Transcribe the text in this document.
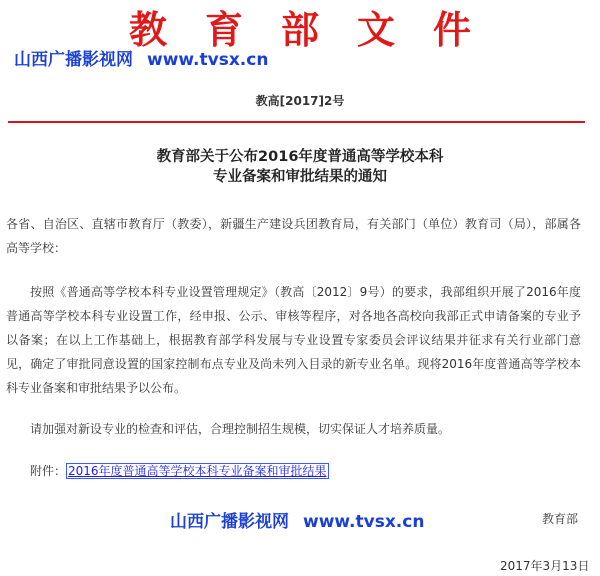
教育部文件
山西广播影视网 www.tvsx.cn
教高[2017]2号
教育部关于公布2016年度普通高等学校本科
专业备案和审批结果的通知
各省、自治区、直辖市教育厅（教委），新疆生产建设兵团教育局，有关部门（单位）教育司（局），部属各高等学校：
按照《普通高等学校本科专业设置管理规定》（教高〔2012〕9号）的要求，我部组织开展了2016年度普通高等学校本科专业设置工作，经申报、公示、审核等程序，对各地各高校向我部正式申请备案的专业予以备案；在以上工作基础上，根据教育部学科发展与专业设置专家委员会评议结果并征求有关行业部门意见，确定了审批同意设置的国家控制布点专业及尚未列入目录的新专业名单。现将2016年度普通高等学校本科专业备案和审批结果予以公布。
请加强对新设专业的检查和评估，合理控制招生规模，切实保证人才培养质量。
附件： 2016年度普通高等学校本科专业备案和审批结果
山西广播影视网 www.tvsx.cn	教育部
2017年3月13日
